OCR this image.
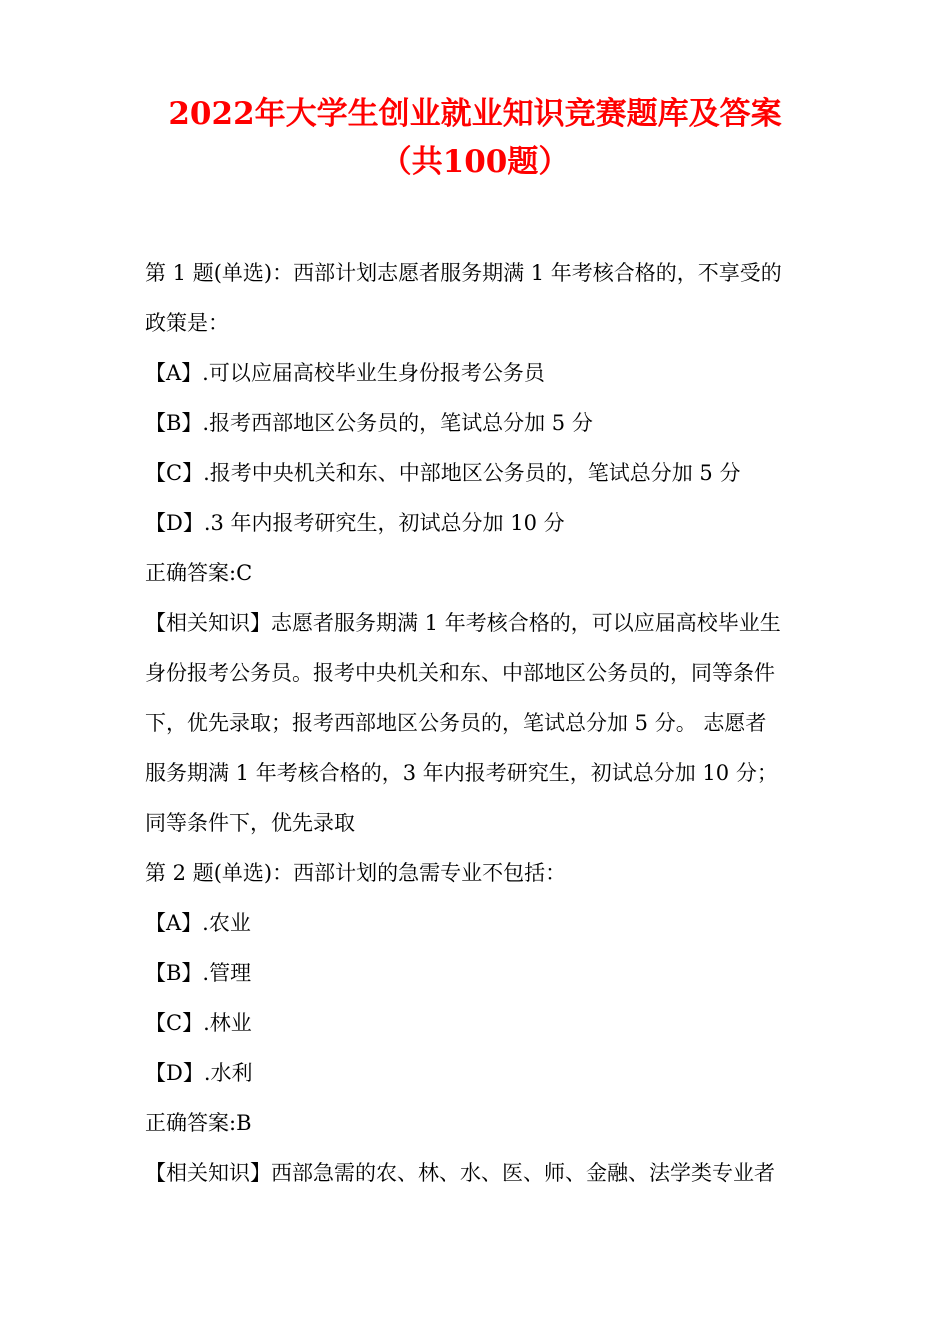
2022年大学生创业就业知识竞赛题库及答案
（共100题）
第 1 题(单选)：西部计划志愿者服务期满 1 年考核合格的，不享受的
政策是：
【A】.可以应届高校毕业生身份报考公务员
【B】.报考西部地区公务员的，笔试总分加 5 分
【C】.报考中央机关和东、中部地区公务员的，笔试总分加 5 分
【D】.3 年内报考研究生，初试总分加 10 分
正确答案:C
【相关知识】志愿者服务期满 1 年考核合格的，可以应届高校毕业生
身份报考公务员。报考中央机关和东、中部地区公务员的，同等条件
下，优先录取；报考西部地区公务员的，笔试总分加 5 分。 志愿者
服务期满 1 年考核合格的，3 年内报考研究生，初试总分加 10 分；
同等条件下，优先录取
第 2 题(单选)：西部计划的急需专业不包括：
【A】.农业
【B】.管理
【C】.林业
【D】.水利
正确答案:B
【相关知识】西部急需的农、林、水、医、师、金融、法学类专业者
